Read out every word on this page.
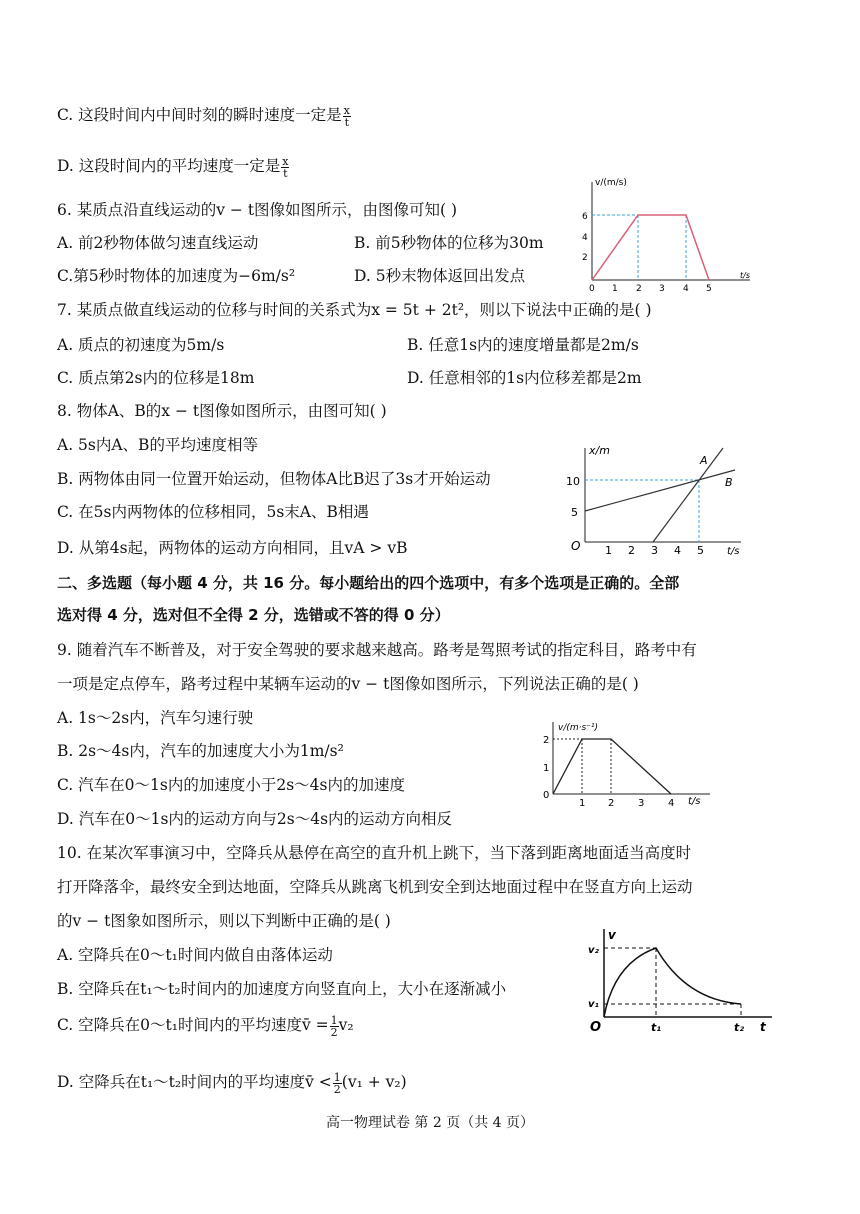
C. 这段时间内中间时刻的瞬时速度一定是 $\frac{x}{t}$
D. 这段时间内的平均速度一定是 $\frac{x}{t}$
6. 某质点沿直线运动的v − t图像如图所示，由图像可知( )
A. 前2秒物体做匀速直线运动	B. 前5秒物体的位移为30m
C.第5秒时物体的加速度为−6m/s²	D. 5秒末物体返回出发点
v/(m/s)
t/s
2
4
6
0 1 2 3 4 5
7. 某质点做直线运动的位移与时间的关系式为x = 5t + 2t²，则以下说法中正确的是( )
A. 质点的初速度为5m/s	B. 任意1s内的速度增量都是2m/s
C. 质点第2s内的位移是18m	D. 任意相邻的1s内位移差都是2m
8. 物体A、B的x − t图像如图所示，由图可知( )
A. 5s内A、B的平均速度相等
B. 两物体由同一位置开始运动，但物体A比B迟了3s才开始运动
C. 在5s内两物体的位移相同，5s末A、B相遇
D. 从第4s起，两物体的运动方向相同，且vA > vB
x/m
t/s
O
5
10
1 2 3 4 5
A
B
二、多选题（每小题 4 分，共 16 分。每小题给出的四个选项中，有多个选项是正确的。全部
选对得 4 分，选对但不全得 2 分，选错或不答的得 0 分）
9. 随着汽车不断普及，对于安全驾驶的要求越来越高。路考是驾照考试的指定科目，路考中有
一项是定点停车，路考过程中某辆车运动的v − t图像如图所示，下列说法正确的是( )
A. 1s～2s内，汽车匀速行驶
B. 2s～4s内，汽车的加速度大小为1m/s²
C. 汽车在0～1s内的加速度小于2s～4s内的加速度
D. 汽车在0～1s内的运动方向与2s～4s内的运动方向相反
v/(m·s⁻¹)
t/s
0
1
2
1 2 3 4
10. 在某次军事演习中，空降兵从悬停在高空的直升机上跳下，当下落到距离地面适当高度时
打开降落伞，最终安全到达地面，空降兵从跳离飞机到安全到达地面过程中在竖直方向上运动
的v − t图象如图所示，则以下判断中正确的是( )
A. 空降兵在0～t₁时间内做自由落体运动
B. 空降兵在t₁～t₂时间内的加速度方向竖直向上，大小在逐渐减小
C. 空降兵在0～t₁时间内的平均速度v̄ = $\frac{1}{2} v_2$
D. 空降兵在t₁～t₂时间内的平均速度v̄ < $\frac{1}{2} (v_1 + v_2)$
v
t
O
v₂
v₁
t₁	t₂
高一物理试卷 第 2 页（共 4 页）
